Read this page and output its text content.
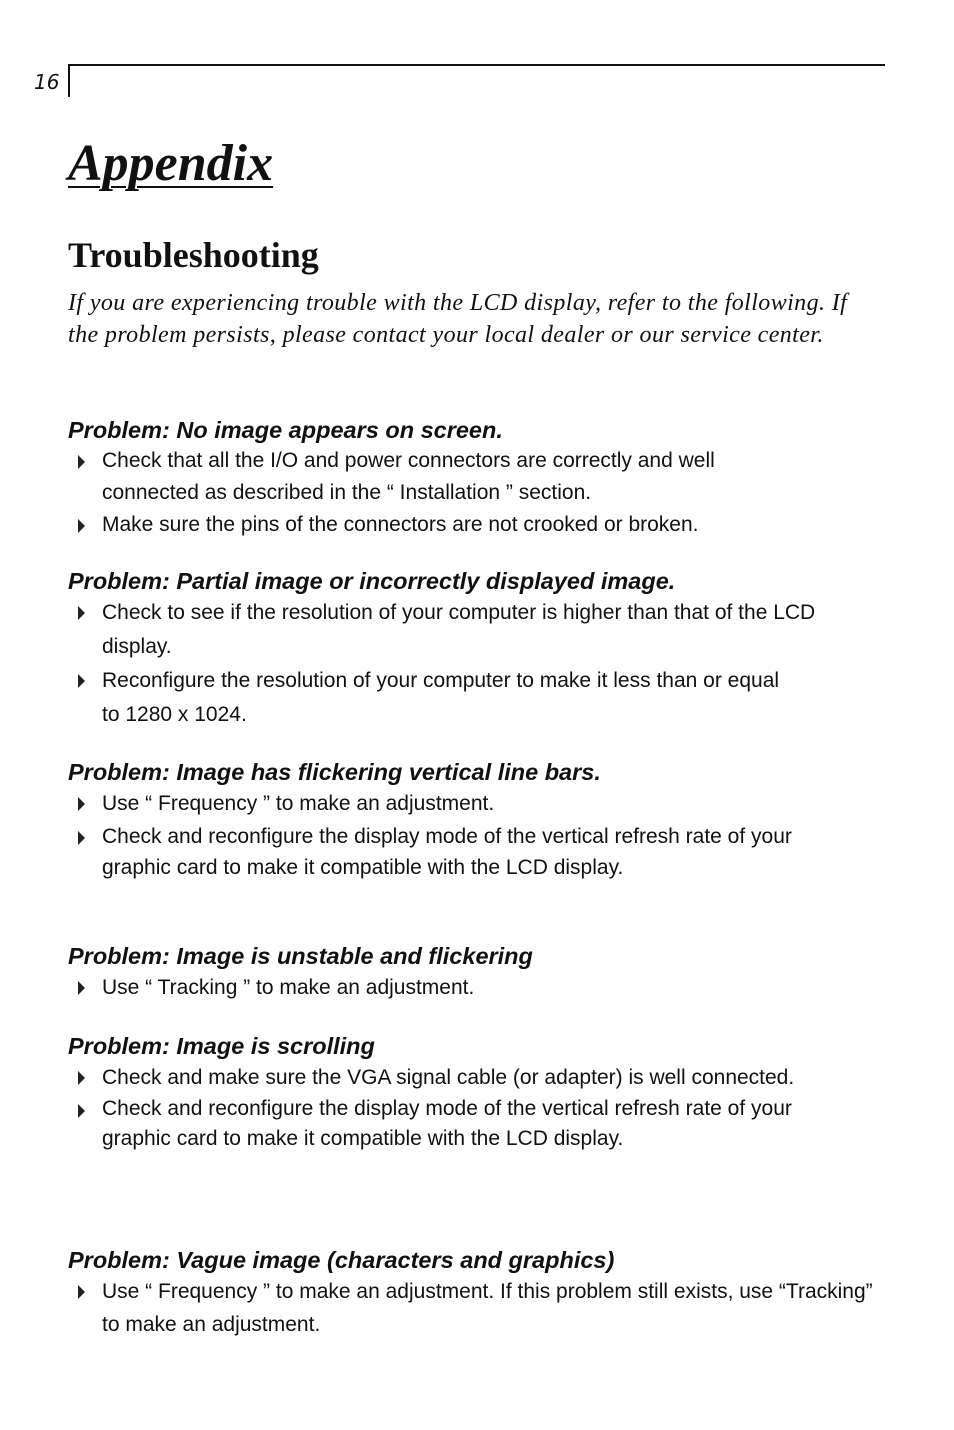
16
Appendix
Troubleshooting

If you are experiencing trouble with the LCD display, refer to the following. If the problem persists, please contact your local dealer or our service center.

Problem: No image appears on screen.
Check that all the I/O and power connectors are correctly and well connected as described in the “ Installation ” section.
Make sure the pins of the connectors are not crooked or broken.
Problem: Partial image or incorrectly displayed image.
Check to see if the resolution of your computer is higher than that of the LCD display.
Reconfigure the resolution of your computer to make it less than or equal to 1280 x 1024.
Problem: Image has flickering vertical line bars.
Use “ Frequency ” to make an adjustment.
Check and reconfigure the display mode of the vertical refresh rate of your graphic card to make it compatible with the LCD display.
Problem: Image is unstable and flickering
Use “ Tracking ” to make an adjustment.
Problem: Image is scrolling
Check and make sure the VGA signal cable (or adapter) is well connected.
Check and reconfigure the display mode of the vertical refresh rate of your graphic card to make it compatible with the LCD display.
Problem: Vague image (characters and graphics)
Use “ Frequency ” to make an adjustment. If this problem still exists, use “Tracking” to make an adjustment.
